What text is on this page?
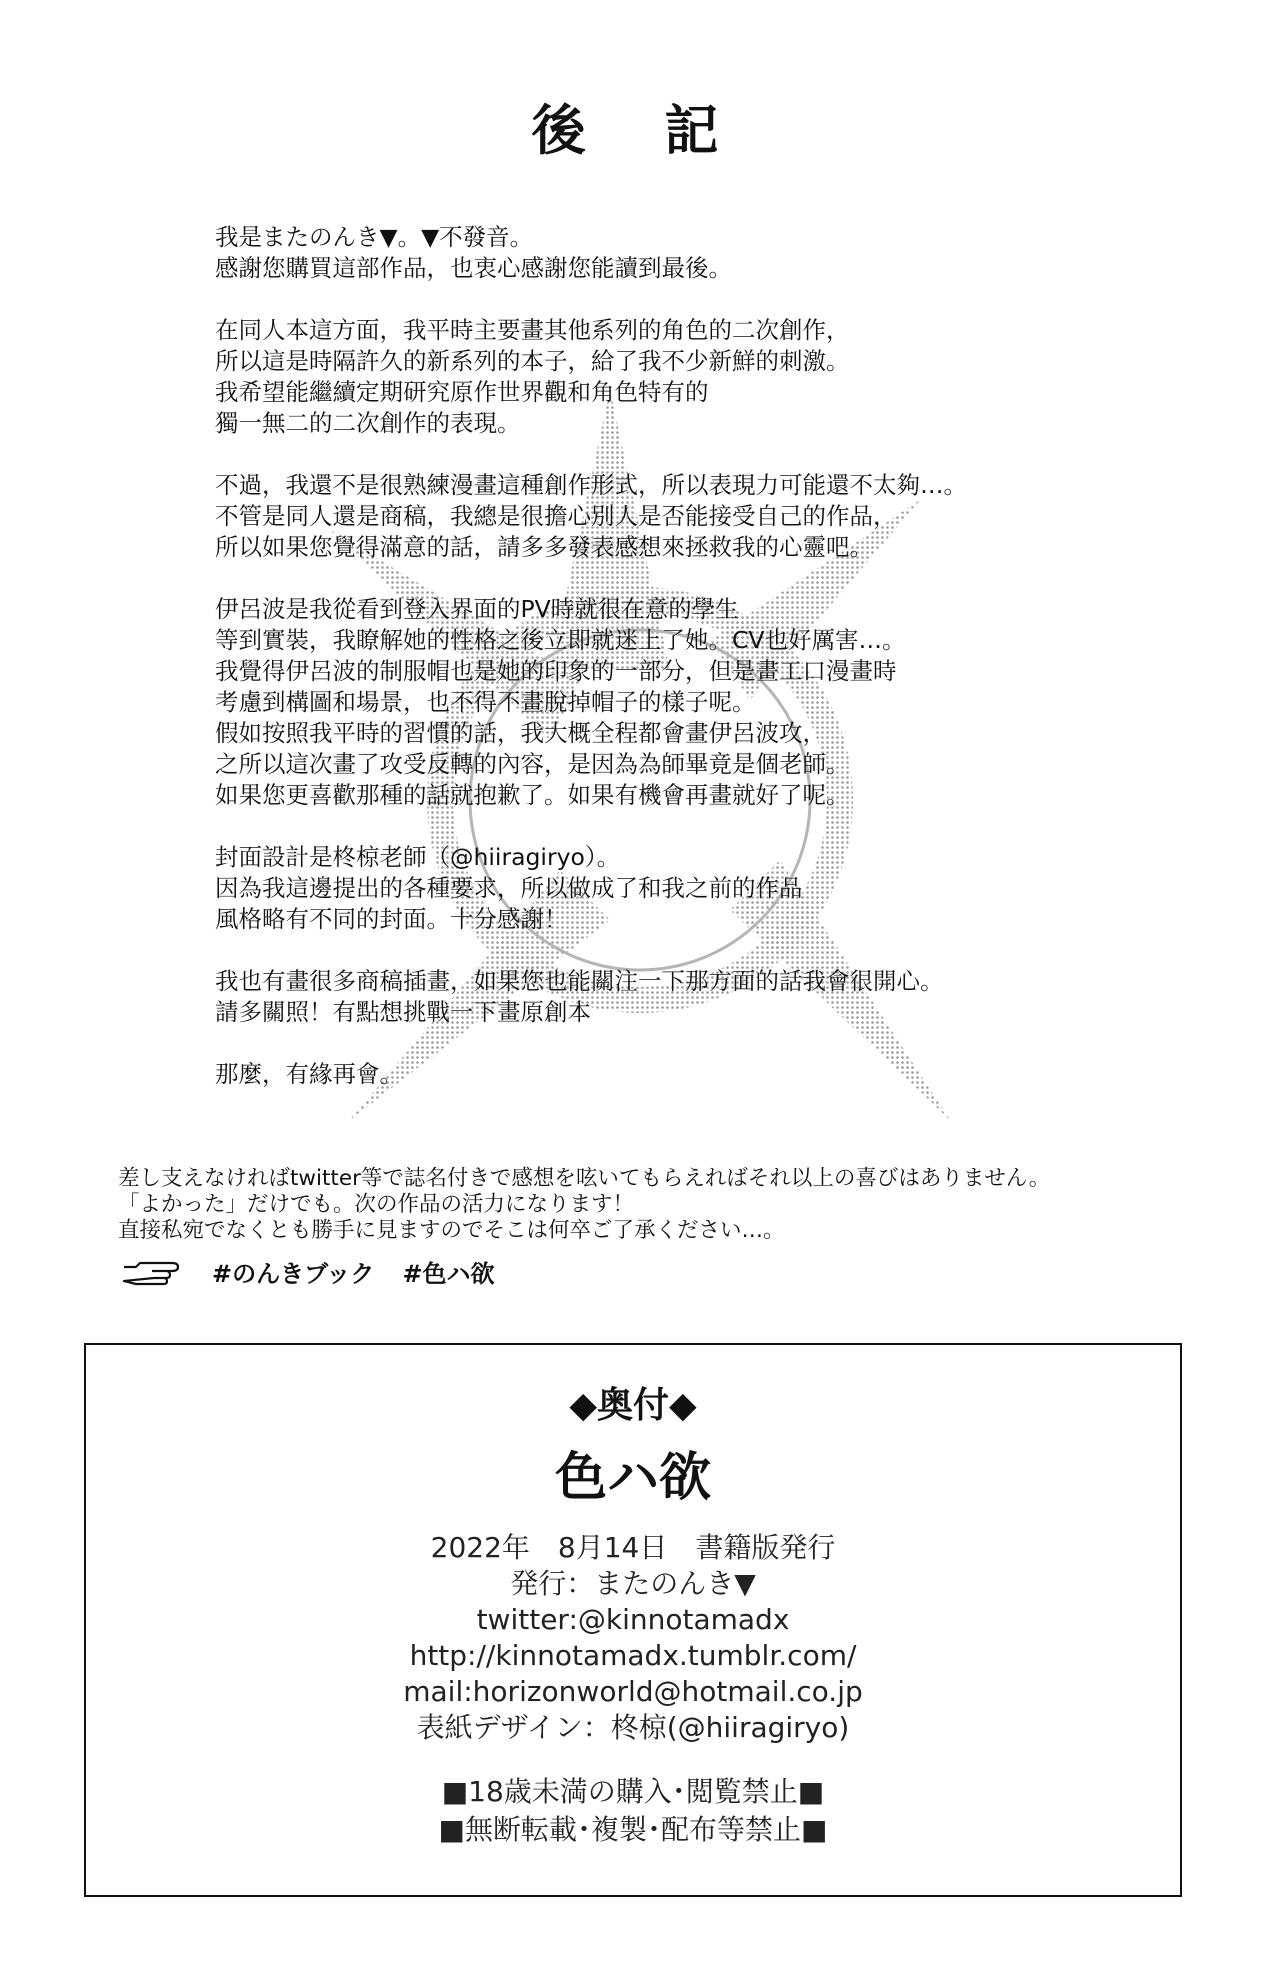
後 記

我是またのんき▼。▼不發音。
感謝您購買這部作品，也衷心感謝您能讀到最後。

在同人本這方面，我平時主要畫其他系列的角色的二次創作，
所以這是時隔許久的新系列的本子，給了我不少新鮮的刺激。
我希望能繼續定期研究原作世界觀和角色特有的
獨一無二的二次創作的表現。

不過，我還不是很熟練漫畫這種創作形式，所以表現力可能還不太夠…。
不管是同人還是商稿，我總是很擔心別人是否能接受自己的作品，
所以如果您覺得滿意的話，請多多發表感想來拯救我的心靈吧。

伊呂波是我從看到登入界面的PV時就很在意的學生
等到實裝，我瞭解她的性格之後立即就迷上了她。CV也好厲害…。
我覺得伊呂波的制服帽也是她的印象的一部分，但是畫工口漫畫時
考慮到構圖和場景，也不得不畫脫掉帽子的樣子呢。
假如按照我平時的習慣的話，我大概全程都會畫伊呂波攻，
之所以這次畫了攻受反轉的內容，是因為為師畢竟是個老師。
如果您更喜歡那種的話就抱歉了。如果有機會再畫就好了呢。

封面設計是柊椋老師（@hiiragiryo）。
因為我這邊提出的各種要求，所以做成了和我之前的作品
風格略有不同的封面。十分感謝！

我也有畫很多商稿插畫，如果您也能關注一下那方面的話我會很開心。
請多關照！有點想挑戰一下畫原創本

那麼，有緣再會。

差し支えなければtwitter等で誌名付きで感想を呟いてもらえればそれ以上の喜びはありません。
「よかった」だけでも。次の作品の活力になります！
直接私宛でなくとも勝手に見ますのでそこは何卒ご了承ください…。
#のんきブック #色ハ欲
◆奥付◆
色ハ欲
2022年　8月14日　書籍版発行
発行：またのんき▼
twitter:@kinnotamadx
http://kinnotamadx.tumblr.com/
mail:horizonworld@hotmail.co.jp
表紙デザイン：柊椋(@hiiragiryo)
■18歳未満の購入･閲覧禁止■
■無断転載･複製･配布等禁止■
